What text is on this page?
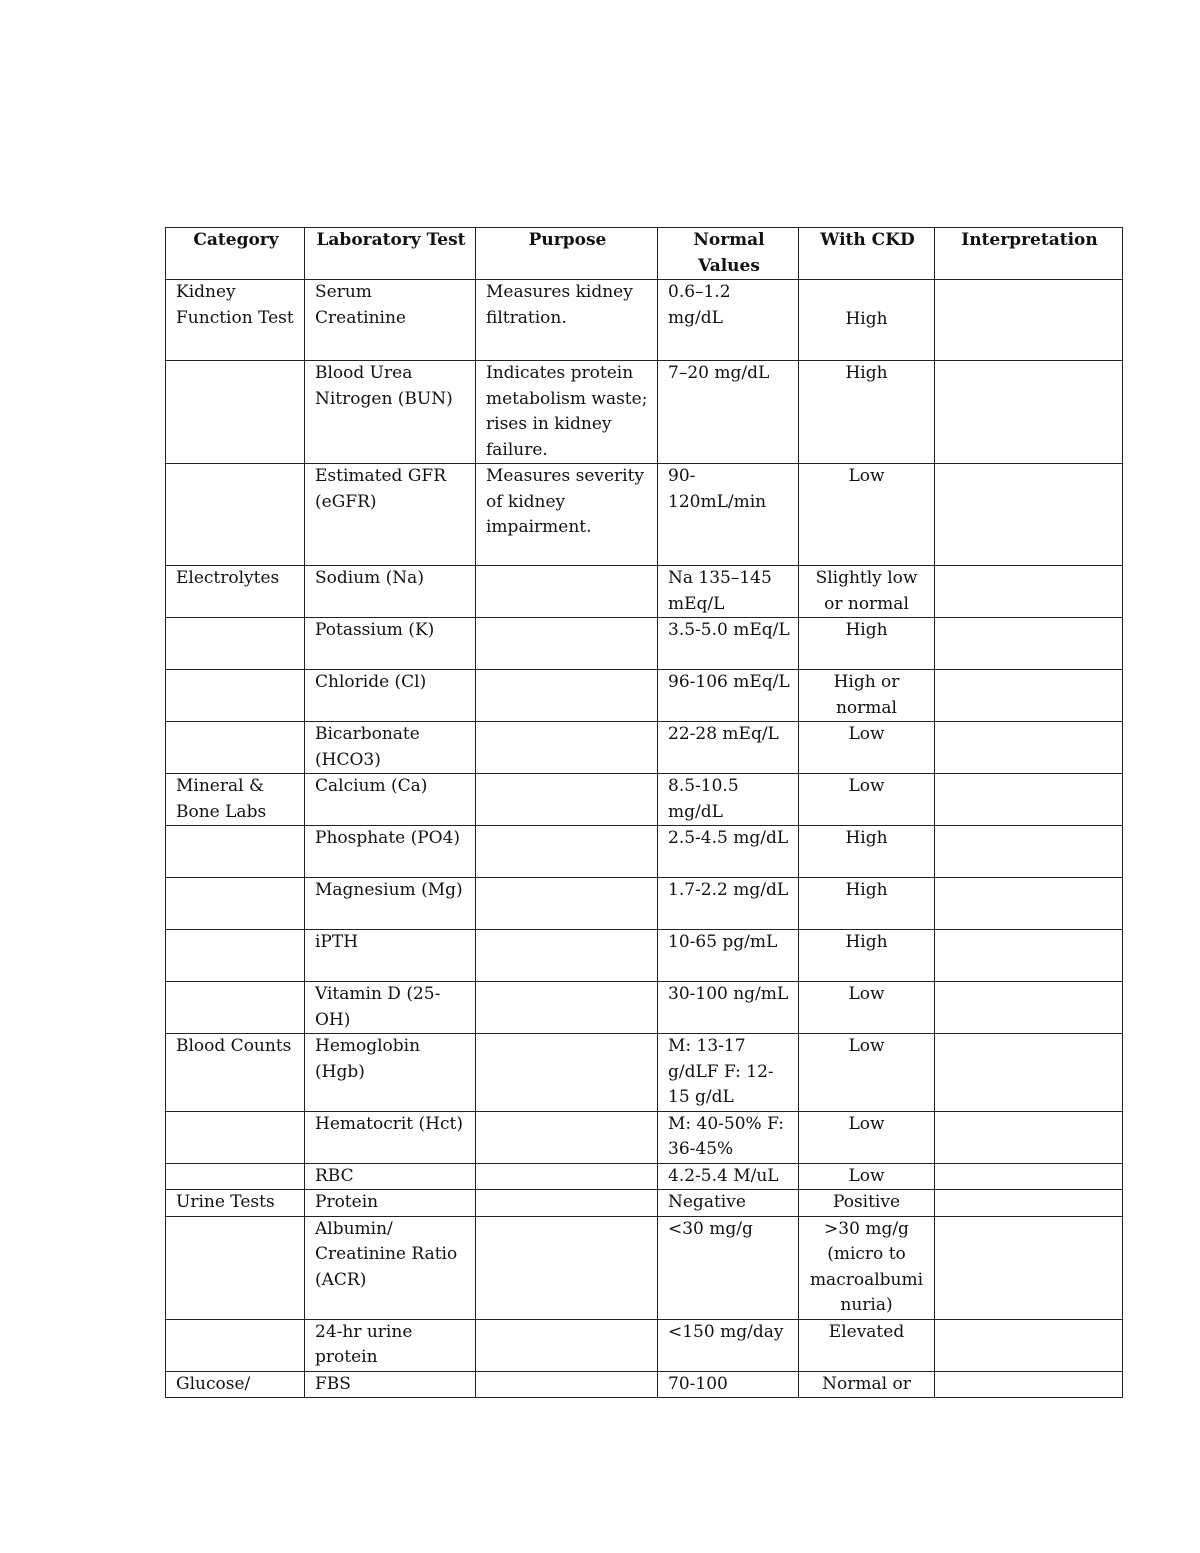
Category	Laboratory Test	Purpose	Normal Values	With CKD	Interpretation
Kidney Function Test	Serum Creatinine	Measures kidney filtration.	0.6–1.2 mg/dL	High	
	Blood Urea Nitrogen (BUN)	Indicates protein metabolism waste; rises in kidney failure.	7–20 mg/dL	High	
	Estimated GFR (eGFR)	Measures severity of kidney impairment.	90-120mL/min	Low	
Electrolytes	Sodium (Na)		Na 135–145 mEq/L	Slightly low or normal	
	Potassium (K)		3.5-5.0 mEq/L	High	
	Chloride (Cl)		96-106 mEq/L	High or normal	
	Bicarbonate (HCO3)		22-28 mEq/L	Low	
Mineral & Bone Labs	Calcium (Ca)		8.5-10.5 mg/dL	Low	
	Phosphate (PO4)		2.5-4.5 mg/dL	High	
	Magnesium (Mg)		1.7-2.2 mg/dL	High	
	iPTH		10-65 pg/mL	High	
	Vitamin D (25-OH)		30-100 ng/mL	Low	
Blood Counts	Hemoglobin (Hgb)		M: 13-17 g/dLF F: 12-15 g/dL	Low	
	Hematocrit (Hct)		M: 40-50% F: 36-45%	Low	
	RBC		4.2-5.4 M/uL	Low	
Urine Tests	Protein		Negative	Positive	
	Albumin/ Creatinine Ratio (ACR)		<30 mg/g	>30 mg/g (micro to macroalbuminuria)	
	24-hr urine protein		<150 mg/day	Elevated	
Glucose/	FBS		70-100	Normal or	
